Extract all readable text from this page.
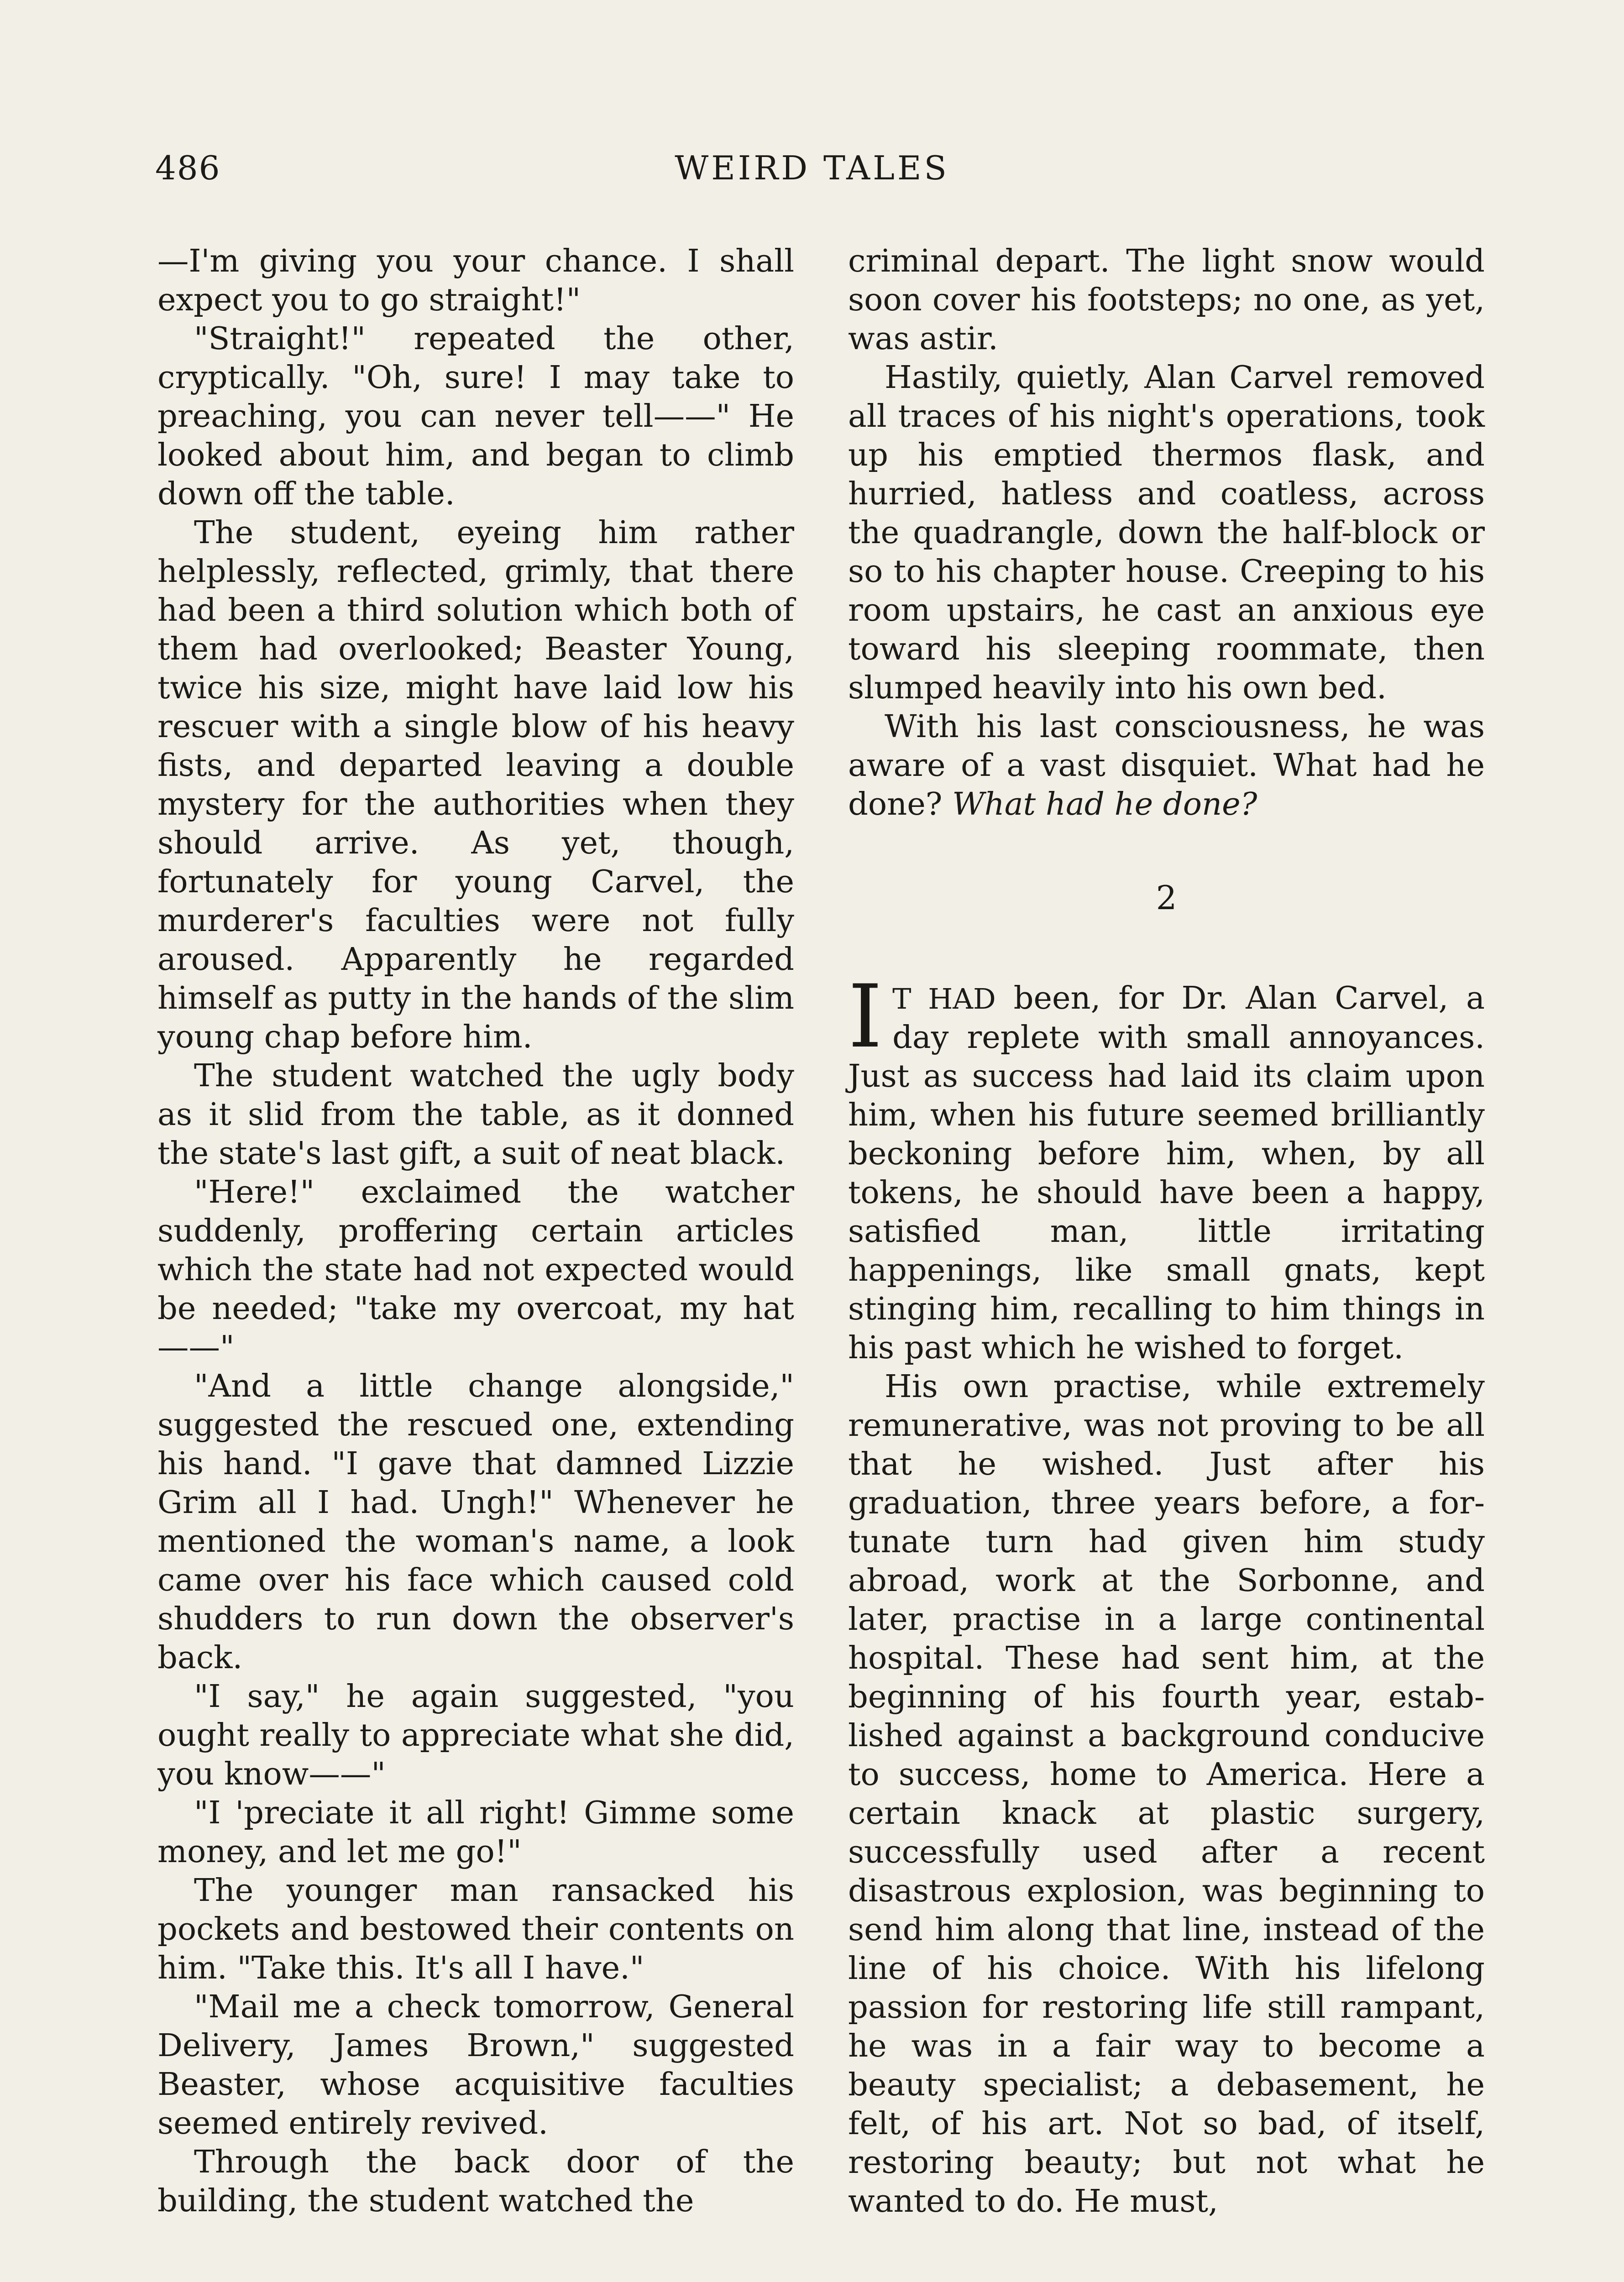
486	WEIRD TALES

—I'm giving you your chance. I shall expect you to go straight!"

"Straight!" repeated the other, cryptically. "Oh, sure! I may take to preaching, you can never tell——" He looked about him, and began to climb down off the table.

The student, eyeing him rather helplessly, reflected, grimly, that there had been a third solution which both of them had overlooked; Beaster Young, twice his size, might have laid low his rescuer with a single blow of his heavy fists, and departed leaving a double mystery for the authorities when they should arrive. As yet, though, fortunately for young Carvel, the murderer's faculties were not fully aroused. Apparently he regarded himself as putty in the hands of the slim young chap before him.

The student watched the ugly body as it slid from the table, as it donned the state's last gift, a suit of neat black.

"Here!" exclaimed the watcher suddenly, proffering certain articles which the state had not expected would be needed; "take my overcoat, my hat——"

"And a little change alongside," suggested the rescued one, extending his hand. "I gave that damned Lizzie Grim all I had. Ungh!" Whenever he mentioned the woman's name, a look came over his face which caused cold shudders to run down the observer's back.

"I say," he again suggested, "you ought really to appreciate what she did, you know——"

"I 'preciate it all right! Gimme some money, and let me go!"

The younger man ransacked his pockets and bestowed their contents on him. "Take this. It's all I have."

"Mail me a check tomorrow, General Delivery, James Brown," suggested Beaster, whose acquisitive faculties seemed entirely revived.

Through the back door of the building, the student watched the

criminal depart. The light snow would soon cover his footsteps; no one, as yet, was astir.

Hastily, quietly, Alan Carvel removed all traces of his night's operations, took up his emptied thermos flask, and hurried, hatless and coatless, across the quadrangle, down the half-block or so to his chapter house. Creeping to his room upstairs, he cast an anxious eye toward his sleeping roommate, then slumped heavily into his own bed.

With his last consciousness, he was aware of a vast disquiet. What had he done? What had he done?

2

I T HAD been, for Dr. Alan Carvel, a day replete with small annoyances. Just as success had laid its claim upon him, when his future seemed brilliantly beckoning before him, when, by all tokens, he should have been a happy, satisfied man, little irritating happenings, like small gnats, kept stinging him, recalling to him things in his past which he wished to forget.

His own practise, while extremely remunerative, was not proving to be all that he wished. Just after his graduation, three years before, a fortunate turn had given him study abroad, work at the Sorbonne, and later, practise in a large continental hospital. These had sent him, at the beginning of his fourth year, established against a background conducive to success, home to America. Here a certain knack at plastic surgery, successfully used after a recent disastrous explosion, was beginning to send him along that line, instead of the line of his choice. With his lifelong passion for restoring life still rampant, he was in a fair way to become a beauty specialist; a debasement, he felt, of his art. Not so bad, of itself, restoring beauty; but not what he wanted to do. He must,
